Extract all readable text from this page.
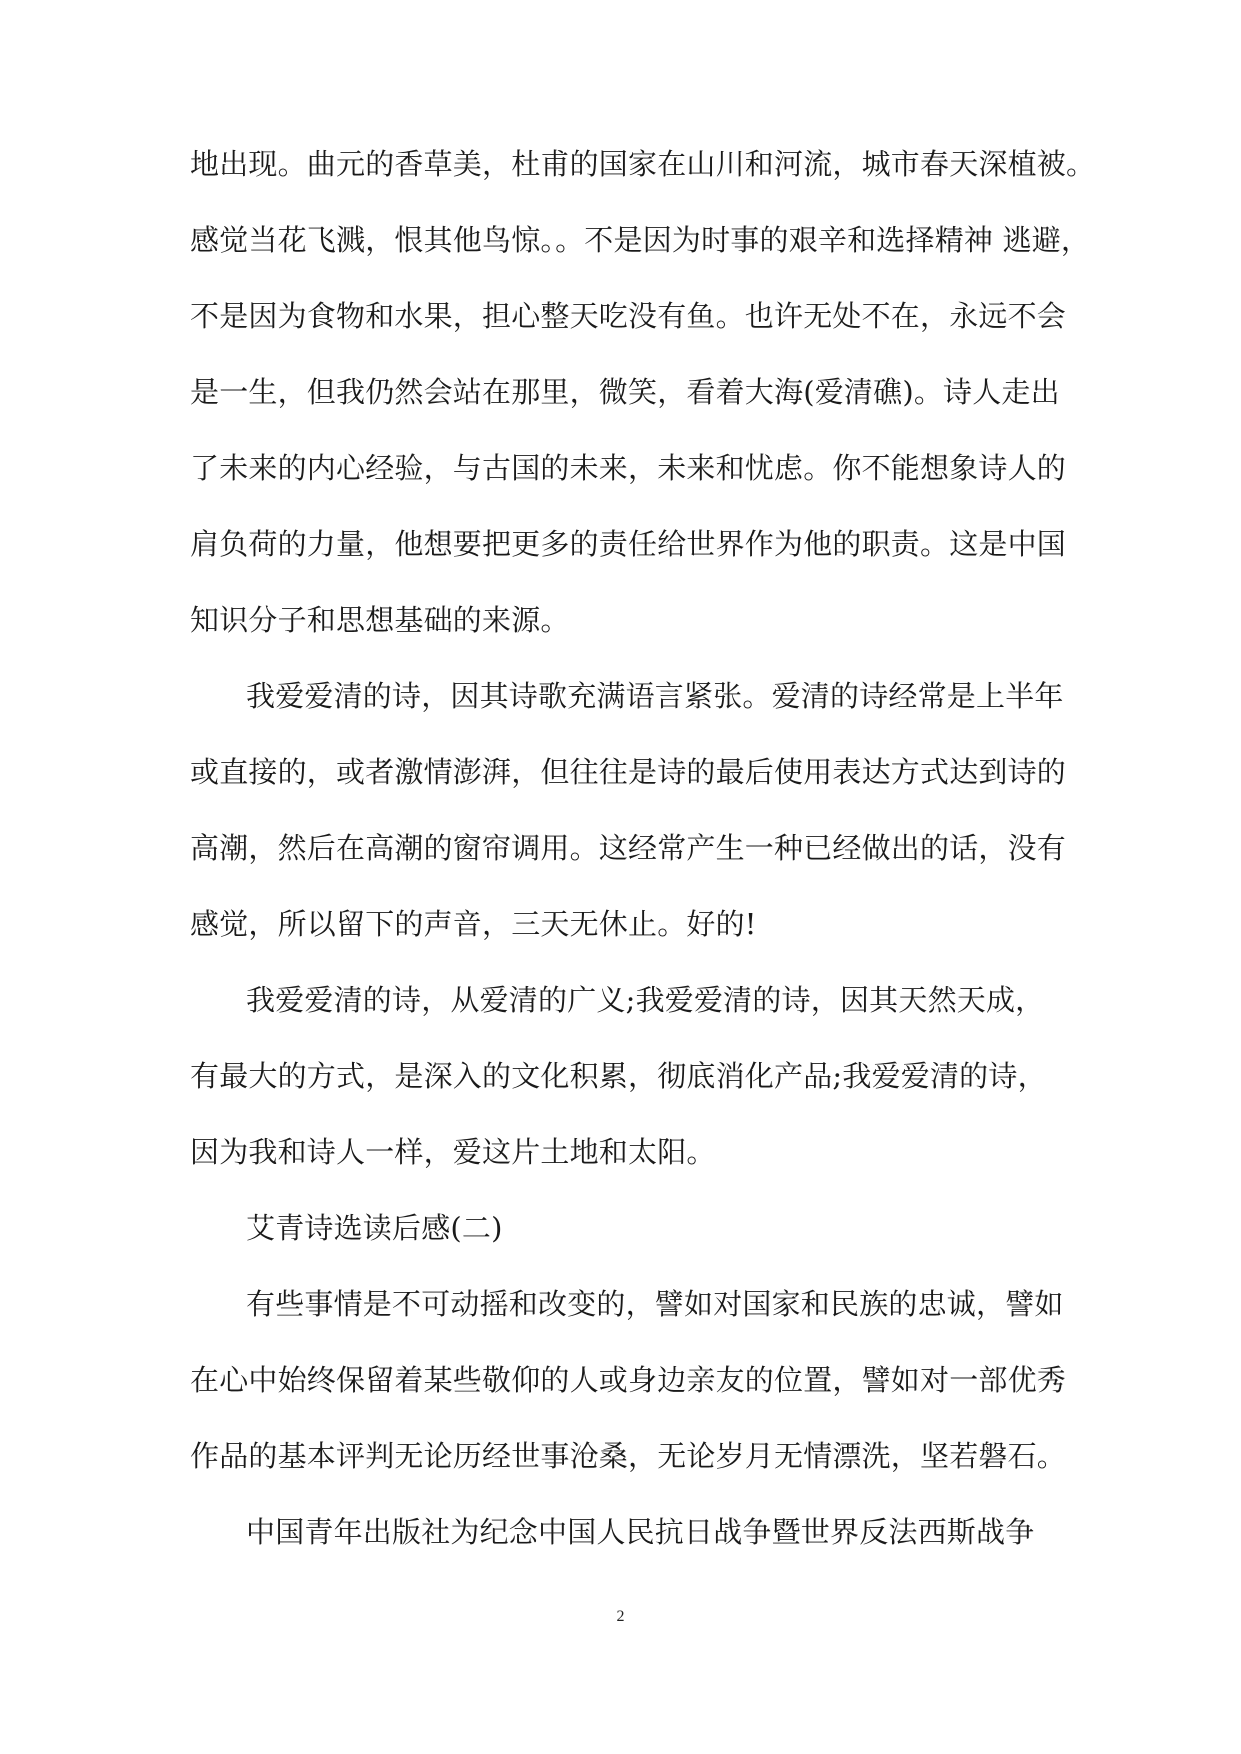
地出现。曲元的香草美，杜甫的国家在山川和河流，城市春天深植被。
感觉当花飞溅，恨其他鸟惊。。不是因为时事的艰辛和选择精神 逃避，
不是因为食物和水果，担心整天吃没有鱼。也许无处不在，永远不会
是一生，但我仍然会站在那里，微笑，看着大海(爱清礁)。诗人走出
了未来的内心经验，与古国的未来，未来和忧虑。你不能想象诗人的
肩负荷的力量，他想要把更多的责任给世界作为他的职责。这是中国
知识分子和思想基础的来源。
我爱爱清的诗，因其诗歌充满语言紧张。爱清的诗经常是上半年
或直接的，或者激情澎湃，但往往是诗的最后使用表达方式达到诗的
高潮，然后在高潮的窗帘调用。这经常产生一种已经做出的话，没有
感觉，所以留下的声音，三天无休止。好的!
我爱爱清的诗，从爱清的广义;我爱爱清的诗，因其天然天成，
有最大的方式，是深入的文化积累，彻底消化产品;我爱爱清的诗，
因为我和诗人一样，爱这片土地和太阳。
艾青诗选读后感(二)
有些事情是不可动摇和改变的，譬如对国家和民族的忠诚，譬如
在心中始终保留着某些敬仰的人或身边亲友的位置，譬如对一部优秀
作品的基本评判无论历经世事沧桑，无论岁月无情漂洗，坚若磐石。
中国青年出版社为纪念中国人民抗日战争暨世界反法西斯战争
2
